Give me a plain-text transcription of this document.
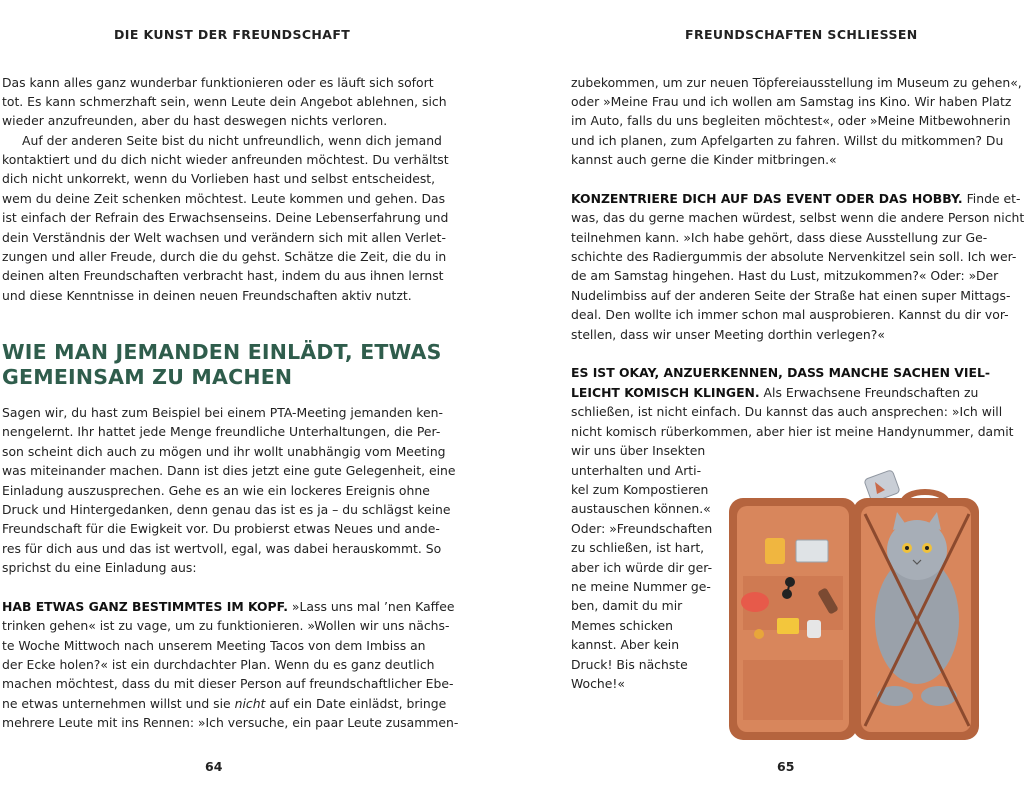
DIE KUNST DER FREUNDSCHAFT
Das kann alles ganz wunderbar funktionieren oder es läuft sich sofort
tot. Es kann schmerzhaft sein, wenn Leute dein Angebot ablehnen, sich
wieder anzufreunden, aber du hast deswegen nichts verloren.
Auf der anderen Seite bist du nicht unfreundlich, wenn dich jemand
kontaktiert und du dich nicht wieder anfreunden möchtest. Du verhältst
dich nicht unkorrekt, wenn du Vorlieben hast und selbst entscheidest,
wem du deine Zeit schenken möchtest. Leute kommen und gehen. Das
ist einfach der Refrain des Erwachsenseins. Deine Lebenserfahrung und
dein Verständnis der Welt wachsen und verändern sich mit allen Verlet-
zungen und aller Freude, durch die du gehst. Schätze die Zeit, die du in
deinen alten Freundschaften verbracht hast, indem du aus ihnen lernst
und diese Kenntnisse in deinen neuen Freundschaften aktiv nutzt.
WIE MAN JEMANDEN EINLÄDT, ETWAS
GEMEINSAM ZU MACHEN
Sagen wir, du hast zum Beispiel bei einem PTA-Meeting jemanden ken-
nengelernt. Ihr hattet jede Menge freundliche Unterhaltungen, die Per-
son scheint dich auch zu mögen und ihr wollt unabhängig vom Meeting
was miteinander machen. Dann ist dies jetzt eine gute Gelegenheit, eine
Einladung auszusprechen. Gehe es an wie ein lockeres Ereignis ohne
Druck und Hintergedanken, denn genau das ist es ja – du schlägst keine
Freundschaft für die Ewigkeit vor. Du probierst etwas Neues und ande-
res für dich aus und das ist wertvoll, egal, was dabei herauskommt. So
sprichst du eine Einladung aus:
HAB ETWAS GANZ BESTIMMTES IM KOPF. »Lass uns mal ’nen Kaffee
trinken gehen« ist zu vage, um zu funktionieren. »Wollen wir uns nächs-
te Woche Mittwoch nach unserem Meeting Tacos von dem Imbiss an
der Ecke holen?« ist ein durchdachter Plan. Wenn du es ganz deutlich
machen möchtest, dass du mit dieser Person auf freundschaftlicher Ebe-
ne etwas unternehmen willst und sie nicht auf ein Date einlädst, bringe
mehrere Leute mit ins Rennen: »Ich versuche, ein paar Leute zusammen-
64
FREUNDSCHAFTEN SCHLIESSEN
zubekommen, um zur neuen Töpfereiausstellung im Museum zu gehen«,
oder »Meine Frau und ich wollen am Samstag ins Kino. Wir haben Platz
im Auto, falls du uns begleiten möchtest«, oder »Meine Mitbewohnerin
und ich planen, zum Apfelgarten zu fahren. Willst du mitkommen? Du
kannst auch gerne die Kinder mitbringen.«
KONZENTRIERE DICH AUF DAS EVENT ODER DAS HOBBY. Finde et-
was, das du gerne machen würdest, selbst wenn die andere Person nicht
teilnehmen kann. »Ich habe gehört, dass diese Ausstellung zur Ge-
schichte des Radiergummis der absolute Nervenkitzel sein soll. Ich wer-
de am Samstag hingehen. Hast du Lust, mitzukommen?« Oder: »Der
Nudelimbiss auf der anderen Seite der Straße hat einen super Mittags-
deal. Den wollte ich immer schon mal ausprobieren. Kannst du dir vor-
stellen, dass wir unser Meeting dorthin verlegen?«
ES IST OKAY, ANZUERKENNEN, DASS MANCHE SACHEN VIEL-
LEICHT KOMISCH KLINGEN. Als Erwachsene Freundschaften zu
schließen, ist nicht einfach. Du kannst das auch ansprechen: »Ich will
nicht komisch rüberkommen, aber hier ist meine Handynummer, damit
wir uns über Insekten
unterhalten und Arti-
kel zum Kompostieren
austauschen können.«
Oder: »Freundschaften
zu schließen, ist hart,
aber ich würde dir ger-
ne meine Nummer ge-
ben, damit du mir
Memes schicken
kannst. Aber kein
Druck! Bis nächste
Woche!«
65
